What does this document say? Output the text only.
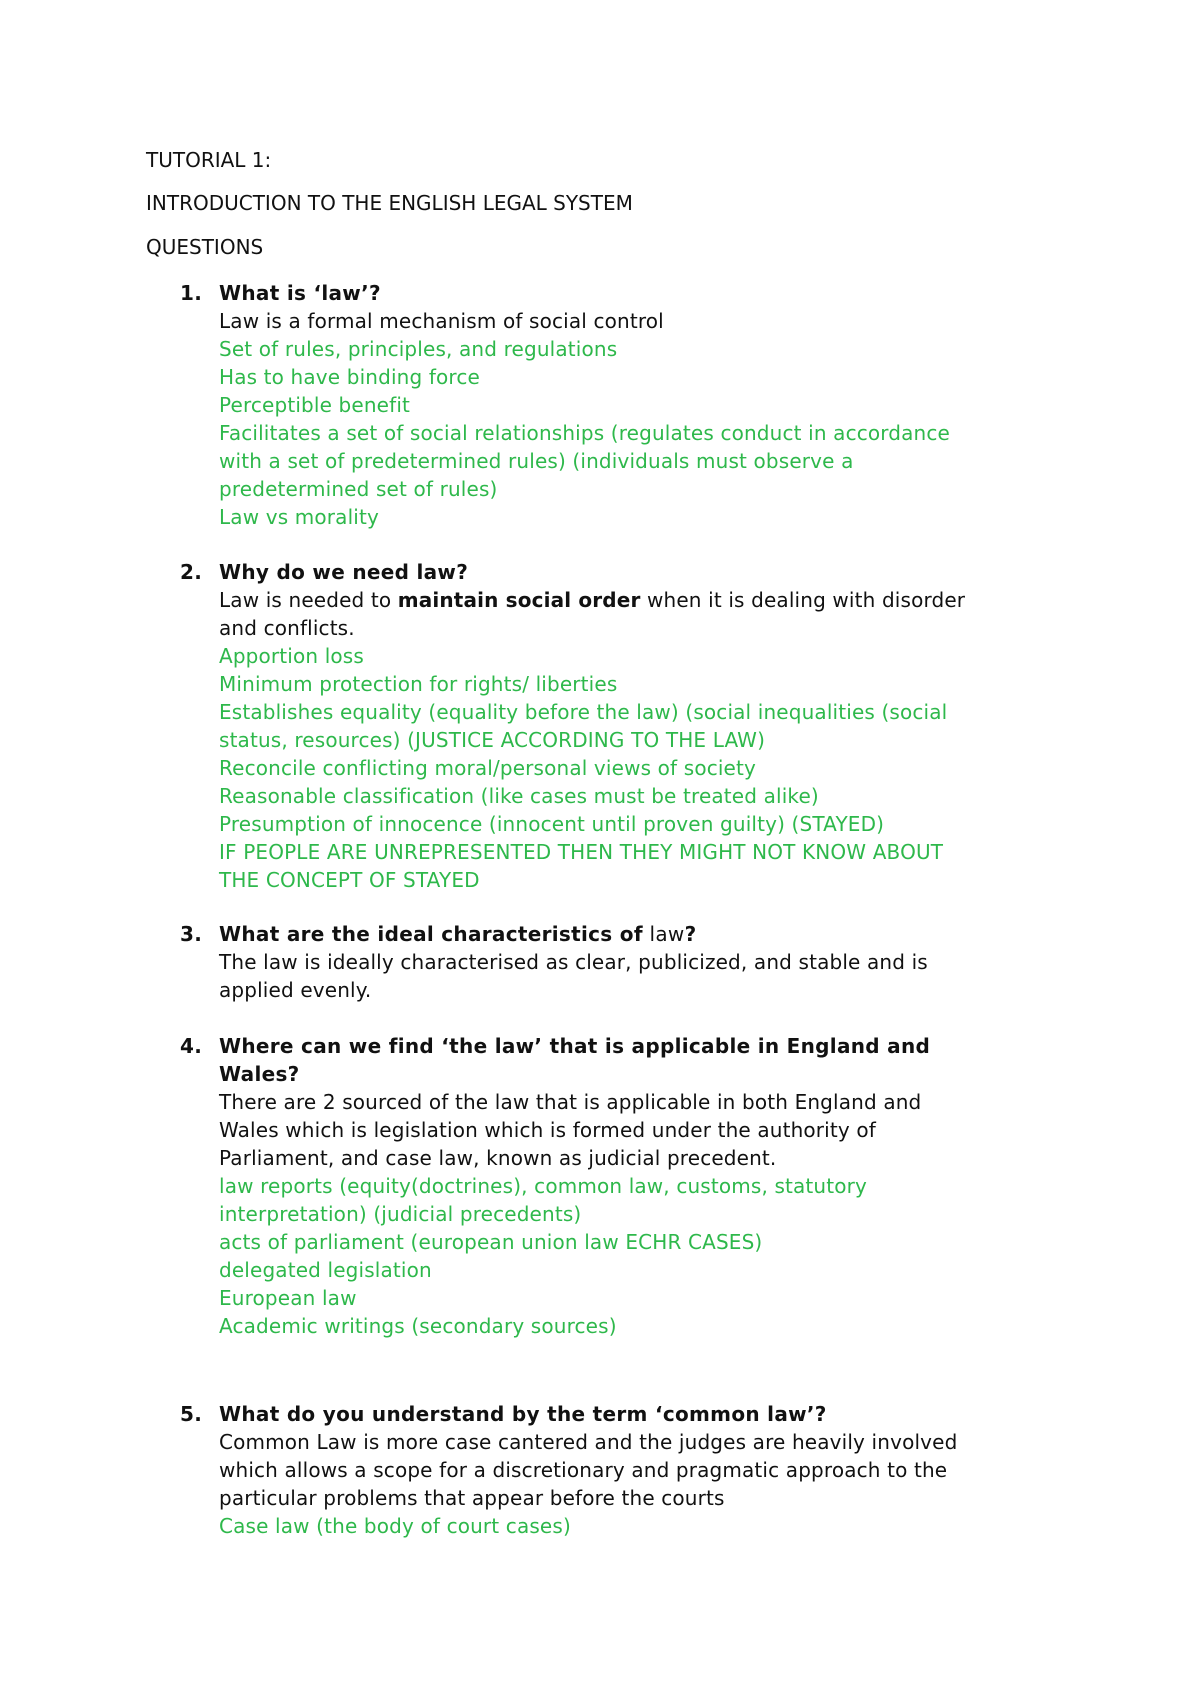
TUTORIAL 1:
INTRODUCTION TO THE ENGLISH LEGAL SYSTEM
QUESTIONS
1. What is ‘law’?
Law is a formal mechanism of social control
Set of rules, principles, and regulations
Has to have binding force
Perceptible benefit
Facilitates a set of social relationships (regulates conduct in accordance
with a set of predetermined rules) (individuals must observe a
predetermined set of rules)
Law vs morality
2. Why do we need law?
Law is needed to maintain social order when it is dealing with disorder
and conflicts.
Apportion loss
Minimum protection for rights/ liberties
Establishes equality (equality before the law) (social inequalities (social
status, resources) (JUSTICE ACCORDING TO THE LAW)
Reconcile conflicting moral/personal views of society
Reasonable classification (like cases must be treated alike)
Presumption of innocence (innocent until proven guilty) (STAYED)
IF PEOPLE ARE UNREPRESENTED THEN THEY MIGHT NOT KNOW ABOUT
THE CONCEPT OF STAYED
3. What are the ideal characteristics of law?
The law is ideally characterised as clear, publicized, and stable and is
applied evenly.
4. Where can we find ‘the law’ that is applicable in England and
Wales?
There are 2 sourced of the law that is applicable in both England and
Wales which is legislation which is formed under the authority of
Parliament, and case law, known as judicial precedent.
law reports (equity(doctrines), common law, customs, statutory
interpretation) (judicial precedents)
acts of parliament (european union law ECHR CASES)
delegated legislation
European law
Academic writings (secondary sources)
5. What do you understand by the term ‘common law’?
Common Law is more case cantered and the judges are heavily involved
which allows a scope for a discretionary and pragmatic approach to the
particular problems that appear before the courts
Case law (the body of court cases)
